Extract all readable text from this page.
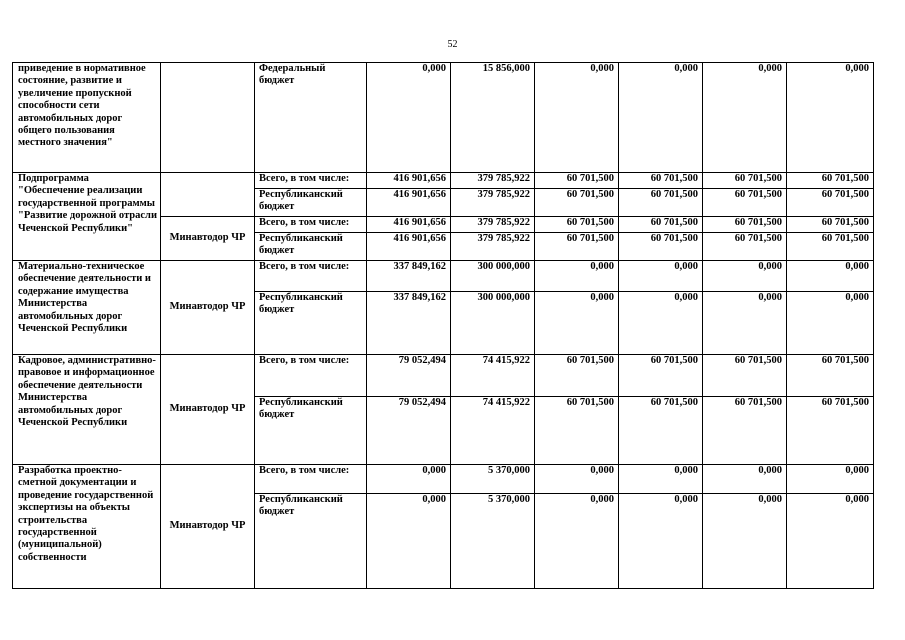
52
приведение в нормативное состояние, развитие и увеличение пропускной способности сети автомобильных дорог общего пользования местного значения"		Федеральный бюджет	0,000	15 856,000	0,000	0,000	0,000	0,000
Подпрограмма "Обеспечение реализации государственной программы "Развитие дорожной отрасли Чеченской Республики"		Всего, в том числе:	416 901,656	379 785,922	60 701,500	60 701,500	60 701,500	60 701,500
		Республиканский бюджет	416 901,656	379 785,922	60 701,500	60 701,500	60 701,500	60 701,500
	Минавтодор ЧР	Всего, в том числе:	416 901,656	379 785,922	60 701,500	60 701,500	60 701,500	60 701,500
		Республиканский бюджет	416 901,656	379 785,922	60 701,500	60 701,500	60 701,500	60 701,500
Материально-техническое обеспечение деятельности и содержание имущества Министерства автомобильных дорог Чеченской Республики	Минавтодор ЧР	Всего, в том числе:	337 849,162	300 000,000	0,000	0,000	0,000	0,000
		Республиканский бюджет	337 849,162	300 000,000	0,000	0,000	0,000	0,000
Кадровое, административно-правовое и информационное обеспечение деятельности Министерства автомобильных дорог Чеченской Республики	Минавтодор ЧР	Всего, в том числе:	79 052,494	74 415,922	60 701,500	60 701,500	60 701,500	60 701,500
		Республиканский бюджет	79 052,494	74 415,922	60 701,500	60 701,500	60 701,500	60 701,500
Разработка проектно-сметной документации и проведение государственной экспертизы на объекты строительства государственной (муниципальной) собственности	Минавтодор ЧР	Всего, в том числе:	0,000	5 370,000	0,000	0,000	0,000	0,000
		Республиканский бюджет	0,000	5 370,000	0,000	0,000	0,000	0,000
